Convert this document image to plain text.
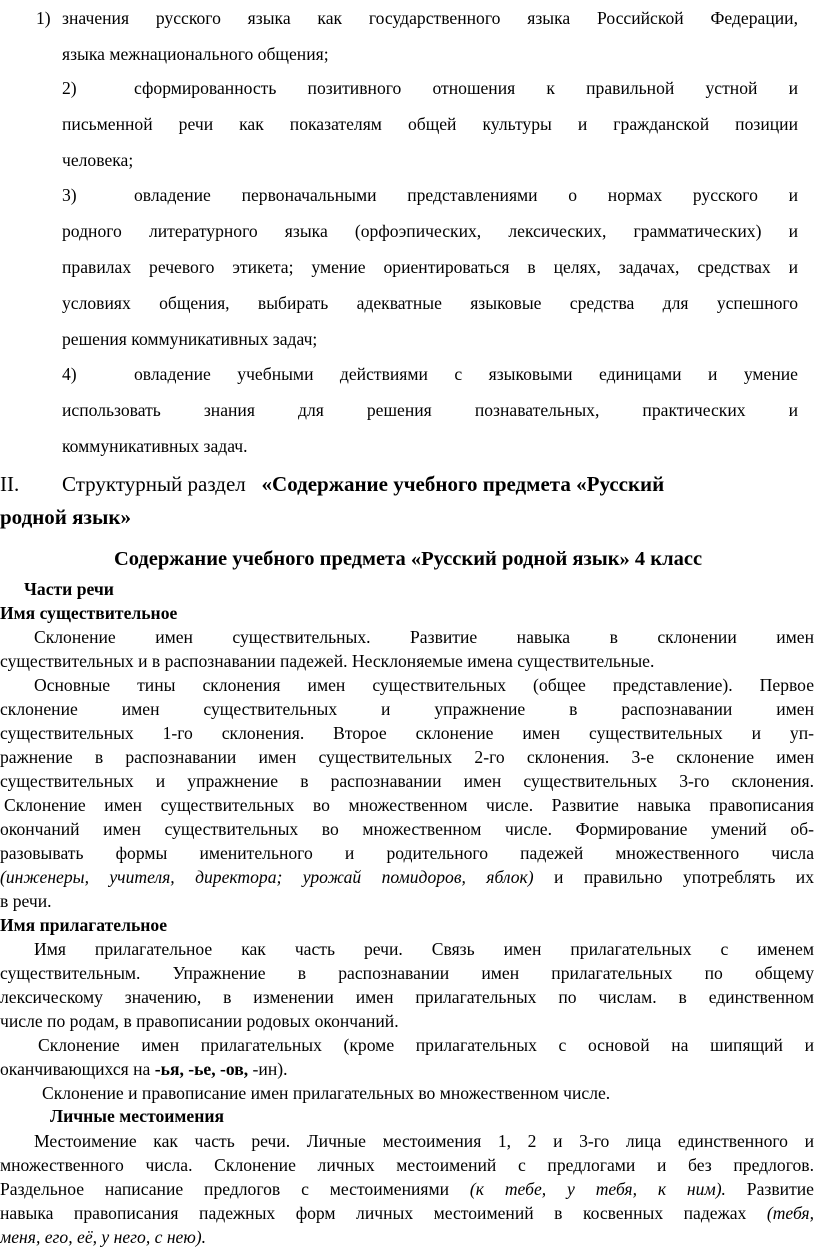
1) значения русского языка как государственного языка Российской Федерации,
языка межнационального общения;
2)	сформированность позитивного отношения к правильной устной и
письменной речи как показателям общей культуры и гражданской позиции
человека;
3)	овладение первоначальными представлениями о нормах русского и
родного литературного языка (орфоэпических, лексических, грамматических) и
правилах речевого этикета; умение ориентироваться в целях, задачах, средствах и
условиях общения, выбирать адекватные языковые средства для успешного
решения коммуникативных задач;
4)	овладение учебными действиями с языковыми единицами и умение
использовать знания для решения познавательных, практических и
коммуникативных задач.
II. Структурный раздел «Содержание учебного предмета «Русский
родной язык»
Содержание учебного предмета «Русский родной язык» 4 класс
Части речи
Имя существительное
Склонение имен существительных. Развитие навыка в склонении имен
существительных и в распознавании падежей. Несклоняемые имена существительные.
Основные тины склонения имен существительных (общее представление). Первое
склонение имен существительных и упражнение в распознавании имен
существительных 1-го склонения. Второе склонение имен существительных и уп-
ражнение в распознавании имен существительных 2-го склонения. 3-е склонение имен
существительных и упражнение в распознавании имен существительных 3-го склонения.
Склонение имен существительных во множественном числе. Развитие навыка правописания
окончаний имен существительных во множественном числе. Формирование умений об-
разовывать формы именительного и родительного падежей множественного числа
(инженеры, учителя, директора; урожай помидоров, яблок) и правильно употреблять их
в речи.
Имя прилагательное
Имя прилагательное как часть речи. Связь имен прилагательных с именем
существительным. Упражнение в распознавании имен прилагательных по общему
лексическому значению, в изменении имен прилагательных по числам. в единственном
числе по родам, в правописании родовых окончаний.
Склонение имен прилагательных (кроме прилагательных с основой на шипящий и
оканчивающихся на -ья, -ье, -ов, -ин).
Склонение и правописание имен прилагательных во множественном числе.
Личные местоимения
Местоимение как часть речи. Личные местоимения 1, 2 и 3-го лица единственного и
множественного числа. Склонение личных местоимений с предлогами и без предлогов.
Раздельное написание предлогов с местоимениями (к тебе, у тебя, к ним). Развитие
навыка правописания падежных форм личных местоимений в косвенных падежах (тебя,
меня, его, её, у него, с нею).
